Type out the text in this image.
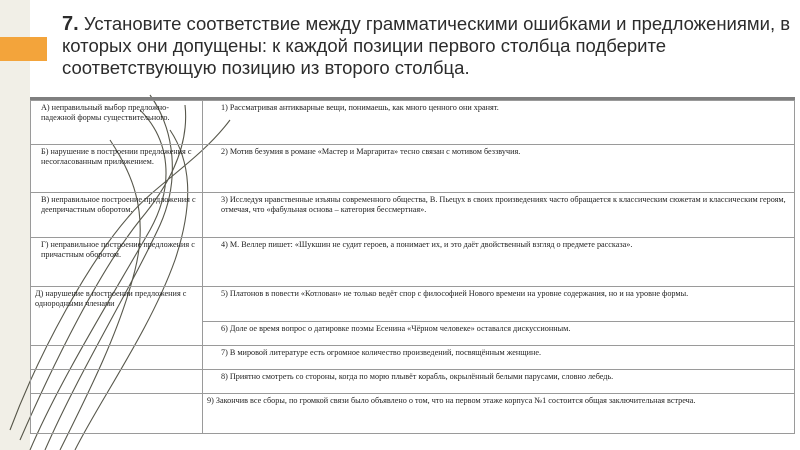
7. Установите соответствие между грамматическими ошибками и предложениями, в которых они допущены: к каждой позиции первого столбца подберите соответствующую позицию из второго столбца.
А) неправильный выбор предложно-падежной формы существительного.	1) Рассматривая антикварные вещи, понимаешь, как много ценного они хранят.

Б) нарушение в построении предложения с несогласованным приложением.	2) Мотив безумия в романе «Мастер и Маргарита» тесно связан с мотивом беззвучия.

В) неправильное построение предложения с деепричастным оборотом.	3) Исследуя нравственные изъяны современного общества, В. Пьецух в своих произведениях часто обращается к классическим сюжетам и классическим героям, отмечая, что «фабульная основа – категория бессмертная».

Г) неправильное построение предложения с причастным оборотом.	4) М. Веллер пишет: «Шукшин не судит героев, а понимает их, и это даёт двойственный взгляд о предмете рассказа».

Д) нарушение в построении предложения с однородными членами	5) Платонов в повести «Котлован» не только ведёт спор с философией Нового времени на уровне содержания, но и на уровне формы.

	6) Доле ое время вопрос о датировке поэмы Есенина «Чёрном человеке» оставался дискуссионным.

	7) В мировой литературе есть огромное количество произведений, посвящённым женщине.

	8) Приятно смотреть со стороны, когда по морю плывёт корабль, окрылённый белыми парусами, словно лебедь.

	9) Закончив все сборы, по громкой связи было объявлено о том, что на первом этаже корпуса №1 состоится общая заключительная встреча.
